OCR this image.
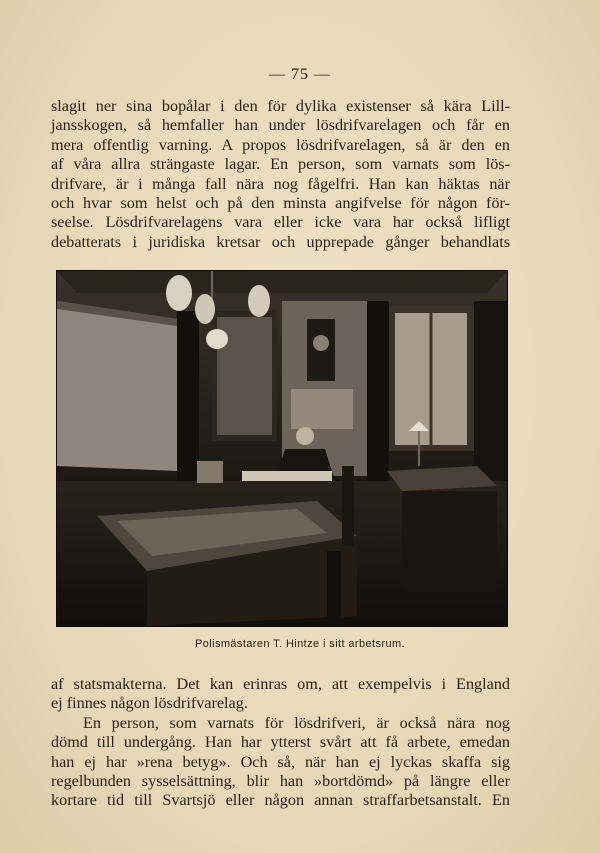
— 75 —
slagit ner sina bopålar i den för dylika existenser så kära Lill-
jansskogen, så hemfaller han under lösdrifvarelagen och får en
mera offentlig varning. A propos lösdrifvarelagen, så är den en
af våra allra strängaste lagar. En person, som varnats som lös-
drifvare, är i många fall nära nog fågelfri. Han kan häktas när
och hvar som helst och på den minsta angifvelse för någon för-
seelse. Lösdrifvarelagens vara eller icke vara har också lifligt
debatterats i juridiska kretsar och upprepade gånger behandlats
Polismästaren T. Hintze i sitt arbetsrum.
af statsmakterna. Det kan erinras om, att exempelvis i England
ej finnes någon lösdrifvarelag.
En person, som varnats för lösdrifveri, är också nära nog
dömd till undergång. Han har ytterst svårt att få arbete, emedan
han ej har »rena betyg». Och så, när han ej lyckas skaffa sig
regelbunden sysselsättning, blir han »bortdömd» på längre eller
kortare tid till Svartsjö eller någon annan straffarbetsanstalt. En
